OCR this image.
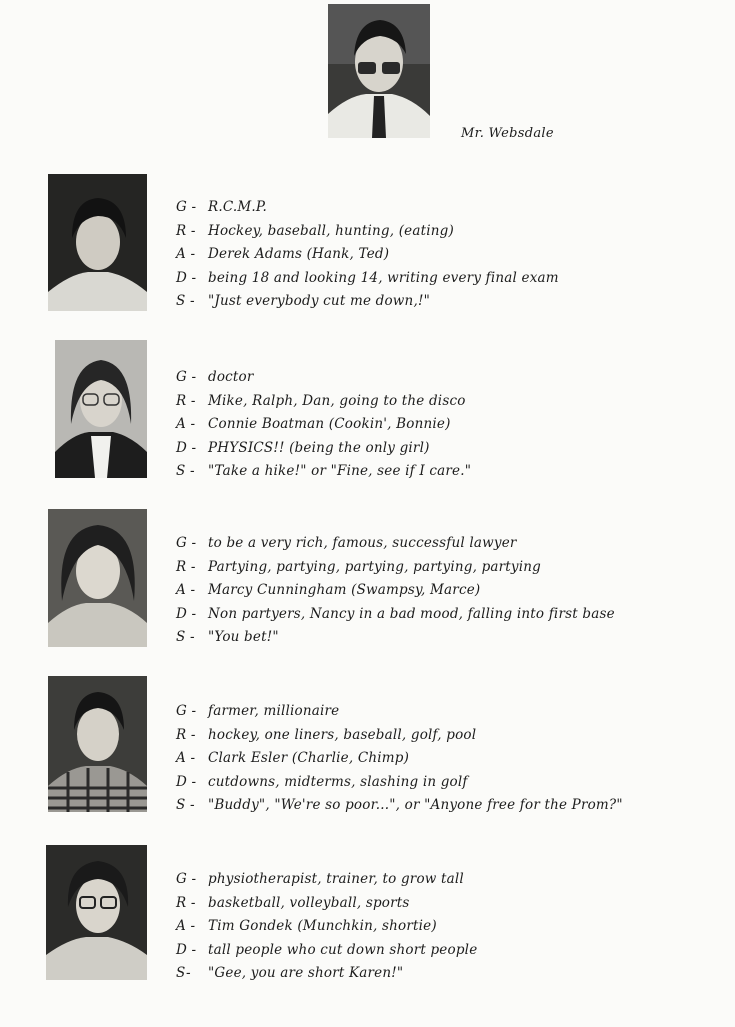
Mr. Websdale
G - R.C.M.P.
R - Hockey, baseball, hunting, (eating)
A - Derek Adams (Hank, Ted)
D - being 18 and looking 14, writing every final exam
S - "Just everybody cut me down,!"
G - doctor
R - Mike, Ralph, Dan, going to the disco
A - Connie Boatman (Cookin', Bonnie)
D - PHYSICS!! (being the only girl)
S - "Take a hike!" or "Fine, see if I care."
G - to be a very rich, famous, successful lawyer
R - Partying, partying, partying, partying, partying
A - Marcy Cunningham (Swampsy, Marce)
D - Non partyers, Nancy in a bad mood, falling into first base
S - "You bet!"
G - farmer, millionaire
R - hockey, one liners, baseball, golf, pool
A - Clark Esler (Charlie, Chimp)
D - cutdowns, midterms, slashing in golf
S - "Buddy", "We're so poor...", or "Anyone free for the Prom?"
G - physiotherapist, trainer, to grow tall
R - basketball, volleyball, sports
A - Tim Gondek (Munchkin, shortie)
D - tall people who cut down short people
S- "Gee, you are short Karen!"
